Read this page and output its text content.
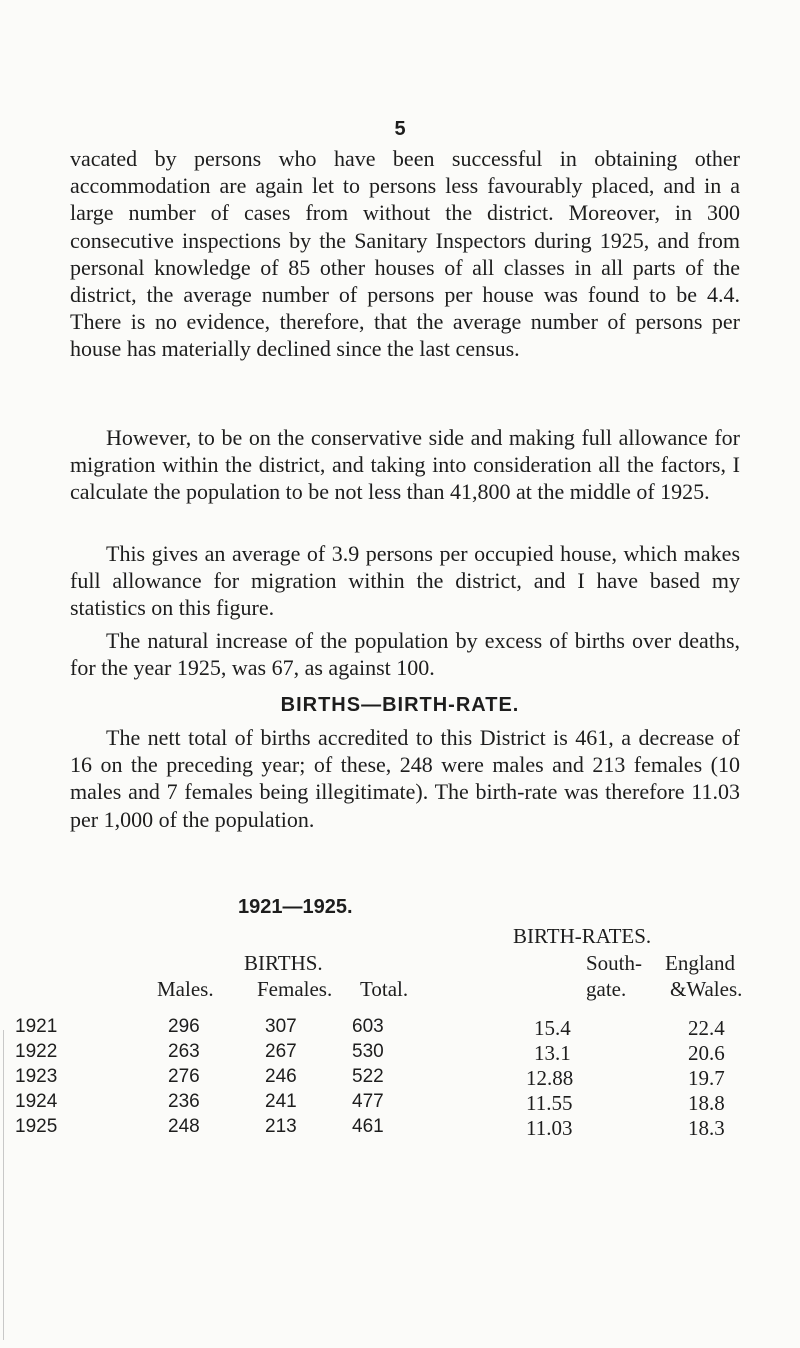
5

vacated by persons who have been successful in obtaining other accommodation are again let to persons less favourably placed, and in a large number of cases from without the district. Moreover, in 300 consecutive inspections by the Sanitary Inspectors during 1925, and from personal knowledge of 85 other houses of all classes in all parts of the district, the average number of persons per house was found to be 4.4. There is no evidence, therefore, that the average number of persons per house has materially declined since the last census.

However, to be on the conservative side and making full allowance for migration within the district, and taking into consideration all the factors, I calculate the population to be not less than 41,800 at the middle of 1925.

This gives an average of 3.9 persons per occupied house, which makes full allowance for migration within the district, and I have based my statistics on this figure.

The natural increase of the population by excess of births over deaths, for the year 1925, was 67, as against 100.

BIRTHS—BIRTH-RATE.

The nett total of births accredited to this District is 461, a decrease of 16 on the preceding year; of these, 248 were males and 213 females (10 males and 7 females being illegitimate). The birth-rate was therefore 11.03 per 1,000 of the population.

1921—1925.
BIRTH-RATES.
BIRTHS.	South- England
Males. Females. Total.	gate. &Wales.
1921	296	307	603	15.4	22.4
1922	263	267	530	13.1	20.6
1923	276	246	522	12.88	19.7
1924	236	241	477	11.55	18.8
1925	248	213	461	11.03	18.3
